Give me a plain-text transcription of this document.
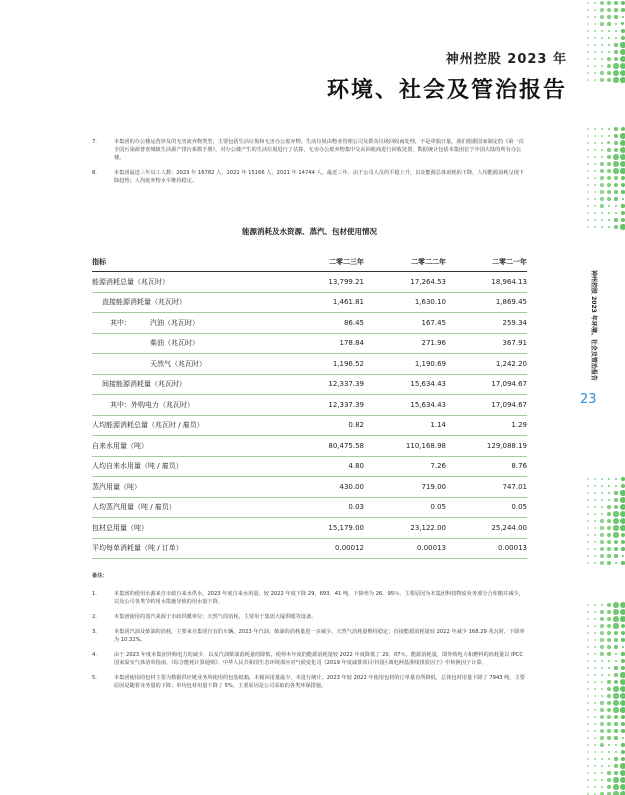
神州控股 2023 年
环境、社会及管治报告
7.	本集团的办公楼运营涉及的无害废弃物类型，主要包括生活垃圾和无害办公废弃物。生活垃圾由物业管理公司及群众垃圾回收商处理，不是单独计量。我们根据国家制定的《第一次全国污染源普查城镇生活源产排污系数手册》，对办公楼产生的生活垃圾进行了估算，无害办公废弃物集中交由回收商进行回收处置，数据统计包括本集团位于中国大陆的所有办公楼。
8.	本集团最近三年员工人数：2023 年 16782 人，2022 年 15166 人，2021 年 14744 人。最近三年，由于公司人员的平稳上升，以及能源总体消耗的下降，人均能源消耗呈现下降趋势；人均废弃物水平维持稳定。
能源消耗及水资源、蒸汽、包材使用情况
指标	二零二三年	二零二二年	二零二一年
能源消耗总量（兆瓦时）	13,799.21	17,264.53	18,964.13
直接能源消耗量（兆瓦时）	1,461.81	1,630.10	1,869.45
其中： 汽油（兆瓦时）	86.45	167.45	259.34
柴油（兆瓦时）	178.84	271.96	367.91
天然气（兆瓦时）	1,196.52	1,190.69	1,242.20
间接能源消耗量（兆瓦时）	12,337.39	15,634.43	17,094.67
其中：外购电力（兆瓦时）	12,337.39	15,634.43	17,094.67
人均能源消耗总量（兆瓦时 / 雇员）	0.82	1.14	1.29
自来水用量（吨）	80,475.58	110,168.98	129,088.19
人均自来水用量（吨 / 雇员）	4.80	7.26	8.76
蒸汽用量（吨）	430.00	719.00	747.01
人均蒸汽用量（吨 / 雇员）	0.03	0.05	0.05
包材总用量（吨）	15,179.00	23,122.00	25,244.00
平均每单消耗量（吨 / 订单）	0.00012	0.00013	0.00013
备注：
1.	本集团的使用水源来自市政自来水供水，2023 年度自来水用量，较 2022 年度下降 29，693．41 吨，下降率为 26．95％，主要原因为本集团科技物流业务部分合库搬并减少，以及公司各类节约用水措施导致的用水量下降。
2.	本集团使用的蒸汽来源于市政供暖单位；天然气的消耗，主要用于集团大厦供暖等设备。
3.	本集团汽油及柴油的消耗，主要来自集团自有的车辆。2023 年汽油、柴油的消耗量进一步减少，天然气消耗量维持稳定；直接能源消耗量较 2022 年减少 168.29 兆瓦时，下降率为 10.32%。
4.	由于 2023 年度本集团外购电力的减少，以及汽油柴油消耗量的降低，使得本年度的能源消耗量较 2022 年度降低了 20．07％。能源消耗量，即外购电力和燃料的消耗量以 IPCC 国家温室气体清单指南、《综合能耗计算通则》、中华人民共和国生态环境部应对气候变化司《2019 年度减排项目中国区域电网基准线排放因子》中转换因子计算。
5.	本集团使用的包材主要为数据供应链业务所使用的包装纸箱，木箱回用量最少，未进行统计。2023 年较 2022 年使用包材的订单量有所降低，总体包材用量下降了 7943 吨，主要原因是随着业务量的下降；单均包材用量下降了 5%，主要原因是公司采取的各类环保措施。
神州控股 2023 年环境、社会及管治报告
23
